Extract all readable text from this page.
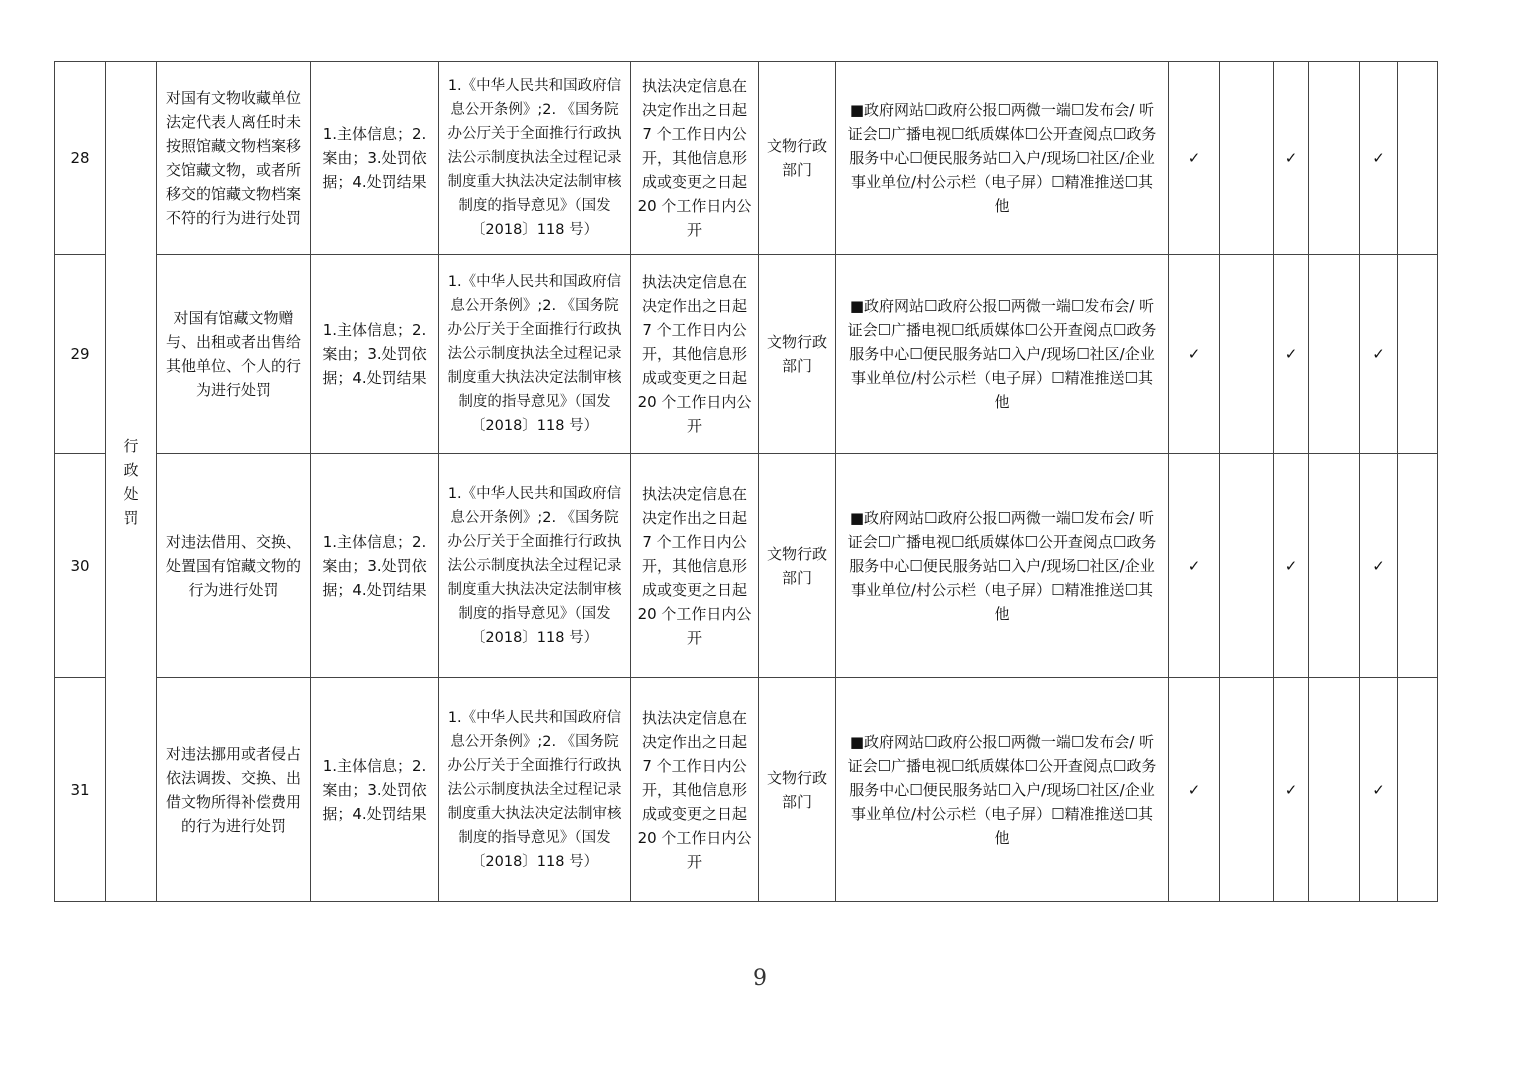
28	行政处罚	对国有文物收藏单位法定代表人离任时未按照馆藏文物档案移交馆藏文物，或者所移交的馆藏文物档案不符的行为进行处罚	1.主体信息；2.案由；3.处罚依据；4.处罚结果	1.《中华人民共和国政府信息公开条例》;2. 《国务院办公厅关于全面推行行政执法公示制度执法全过程记录制度重大执法决定法制审核制度的指导意见》（国发〔2018〕118 号）	执法决定信息在决定作出之日起 7 个工作日内公开，其他信息形成或变更之日起 20 个工作日内公开	文物行政部门	■政府网站☐政府公报☐两微一端☐发布会/ 听证会☐广播电视☐纸质媒体☐公开查阅点☐政务服务中心☐便民服务站☐入户/现场☐社区/企业事业单位/村公示栏（电子屏）☐精准推送☐其他	✓		✓		✓	
29		对国有馆藏文物赠与、出租或者出售给其他单位、个人的行为进行处罚	1.主体信息；2.案由；3.处罚依据；4.处罚结果	1.《中华人民共和国政府信息公开条例》;2. 《国务院办公厅关于全面推行行政执法公示制度执法全过程记录制度重大执法决定法制审核制度的指导意见》（国发〔2018〕118 号）	执法决定信息在决定作出之日起 7 个工作日内公开，其他信息形成或变更之日起 20 个工作日内公开	文物行政部门	■政府网站☐政府公报☐两微一端☐发布会/ 听证会☐广播电视☐纸质媒体☐公开查阅点☐政务服务中心☐便民服务站☐入户/现场☐社区/企业事业单位/村公示栏（电子屏）☐精准推送☐其他	✓		✓		✓	
30		对违法借用、交换、处置国有馆藏文物的行为进行处罚	1.主体信息；2.案由；3.处罚依据；4.处罚结果	1.《中华人民共和国政府信息公开条例》;2. 《国务院办公厅关于全面推行行政执法公示制度执法全过程记录制度重大执法决定法制审核制度的指导意见》（国发〔2018〕118 号）	执法决定信息在决定作出之日起 7 个工作日内公开，其他信息形成或变更之日起 20 个工作日内公开	文物行政部门	■政府网站☐政府公报☐两微一端☐发布会/ 听证会☐广播电视☐纸质媒体☐公开查阅点☐政务服务中心☐便民服务站☐入户/现场☐社区/企业事业单位/村公示栏（电子屏）☐精准推送☐其他	✓		✓		✓	
31		对违法挪用或者侵占依法调拨、交换、出借文物所得补偿费用的行为进行处罚	1.主体信息；2.案由；3.处罚依据；4.处罚结果	1.《中华人民共和国政府信息公开条例》;2. 《国务院办公厅关于全面推行行政执法公示制度执法全过程记录制度重大执法决定法制审核制度的指导意见》（国发〔2018〕118 号）	执法决定信息在决定作出之日起 7 个工作日内公开，其他信息形成或变更之日起 20 个工作日内公开	文物行政部门	■政府网站☐政府公报☐两微一端☐发布会/ 听证会☐广播电视☐纸质媒体☐公开查阅点☐政务服务中心☐便民服务站☐入户/现场☐社区/企业事业单位/村公示栏（电子屏）☐精准推送☐其他	✓		✓		✓	
9
